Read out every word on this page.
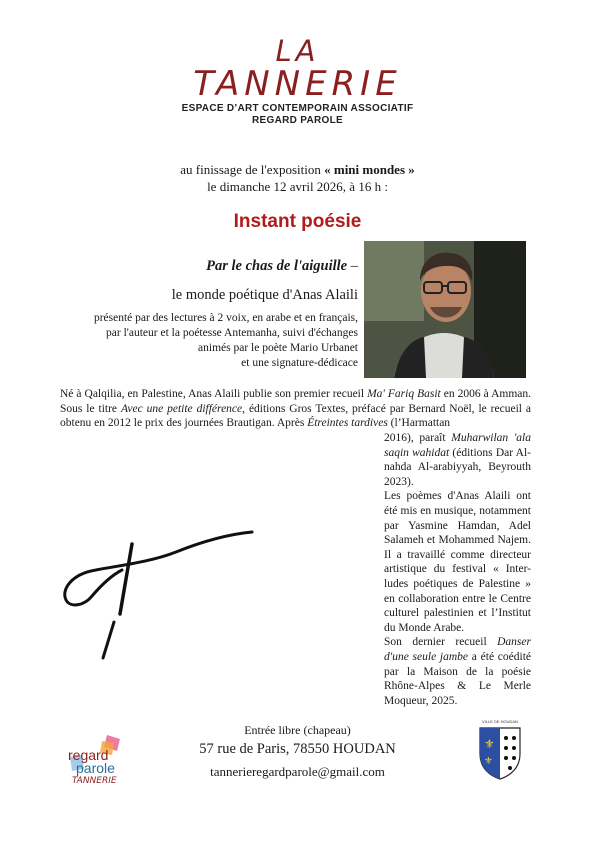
LA
TANNERIE
ESPACE D’ART CONTEMPORAIN ASSOCIATIF
REGARD PAROLE
au finissage de l'exposition « mini mondes »
le dimanche 12 avril 2026, à 16 h :
Instant poésie
Par le chas de l'aiguille –
le monde poétique d'Anas Alaili
présenté par des lectures à 2 voix, en arabe et en français,
par l'auteur et la poétesse Antemanha, suivi d'échanges
animés par le poète Mario Urbanet
et une signature-dédicace
Né à Qalqilia, en Palestine, Anas Alaili publie son premier recueil Ma' Fariq Basit en 2006 à Amman. Sous le titre Avec une petite différence, éditions Gros Textes, préfacé par Bernard Noël, le recueil a obtenu en 2012 le prix des journées Brautigan. Après Étreintes tardives (l’Harmattan

2016), paraît Muharwilan 'ala saqin wahidat (éditions Dar Al-nahda Al-arabiyyah, Beyrouth 2023).

Les poèmes d'Anas Alaili ont été mis en musique, notamment par Yasmine Hamdan, Adel Salameh et Mohammed Najem. Il a travaillé comme directeur artistique du festival « Inter-ludes poétiques de Palestine » en collaboration entre le Centre culturel palestinien et l’Institut du Monde Arabe.

Son dernier recueil Danser d'une seule jambe a été coédité par la Maison de la poésie Rhône-Alpes & Le Merle Moqueur, 2025.

Entrée libre (chapeau)
57 rue de Paris, 78550 HOUDAN
tannerieregardparole@gmail.com
regard
parole
TANNERIE
VILLE DE HOUDAN
⚜
⚜
